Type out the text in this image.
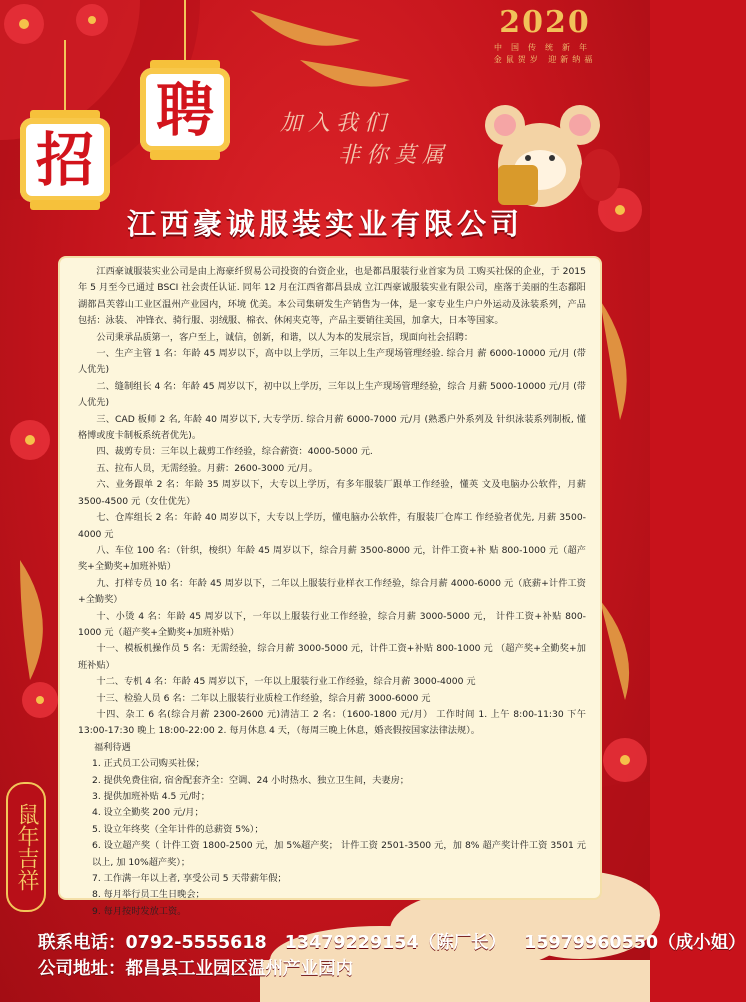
2020
中国传统新年
金鼠贺岁 迎新纳福
聘
招
加入我们
非你莫属
江西豪诚服装实业有限公司

江西豪诚服装实业公司是由上海豪纤贸易公司投资的台资企业，也是都昌服装行业首家为员 工购买社保的企业，于 2015 年 5 月至今已通过 BSCI 社会责任认证. 同年 12 月在江西省都昌县成 立江西豪诚服装实业有限公司，座落于美丽的生态鄱阳湖都昌芙蓉山工业区温州产业园内，环境 优美。本公司集研发生产销售为一体，是一家专业生户户外运动及泳装系列，产品包括：泳装、 冲锋衣、骑行服、羽绒服、棉衣、休闲夹克等，产品主要销往美国，加拿大，日本等国家。

公司秉承品质第一，客户至上，诚信，创新，和谐，以人为本的发展宗旨，现面向社会招聘：

一、生产主管 1 名：年龄 45 周岁以下，高中以上学历，三年以上生产现场管理经验. 综合月 薪 6000-10000 元/月 (带人优先)

二、缝制组长 4 名：年龄 45 周岁以下，初中以上学历，三年以上生产现场管理经验，综合 月薪 5000-10000 元/月 (带人优先)

三、CAD 板师 2 名, 年龄 40 周岁以下, 大专学历. 综合月薪 6000-7000 元/月 (熟悉户外系列及 针织泳装系列制板, 懂格博或度卡制板系统者优先)。

四、裁剪专员：三年以上裁剪工作经验，综合薪资：4000-5000 元.

五、拉布人员，无需经验。月薪：2600-3000 元/月。

六、业务跟单 2 名：年龄 35 周岁以下，大专以上学历，有多年服装厂跟单工作经验，懂英 文及电脑办公软件，月薪 3500-4500 元（女仕优先）

七、仓库组长 2 名：年龄 40 周岁以下，大专以上学历，懂电脑办公软件，有服装厂仓库工 作经验者优先, 月薪 3500-4000 元

八、车位 100 名：（针织，梭织）年龄 45 周岁以下，综合月薪 3500-8000 元，计件工资+补 贴 800-1000 元（超产奖+全勤奖+加班补贴）

九、打样专员 10 名：年龄 45 周岁以下，二年以上服装行业样衣工作经验，综合月薪 4000-6000 元（底薪+计件工资+全勤奖）

十、小烫 4 名：年龄 45 周岁以下，一年以上服装行业工作经验，综合月薪 3000-5000 元， 计件工资+补贴 800-1000 元（超产奖+全勤奖+加班补贴）

十一、模板机操作员 5 名：无需经验，综合月薪 3000-5000 元，计件工资+补贴 800-1000 元 （超产奖+全勤奖+加班补贴）

十二、专机 4 名：年龄 45 周岁以下，一年以上服装行业工作经验，综合月薪 3000-4000 元

十三、检验人员 6 名：二年以上服装行业质检工作经验，综合月薪 3000-6000 元

十四、杂工 6 名(综合月薪 2300-2600 元)清洁工 2 名：（1600-1800 元/月） 工作时间 1. 上午 8:00-11:30 下午 13:00-17:30 晚上 18:00-22:00 2. 每月休息 4 天，（每周三晚上休息，婚丧假按国家法律法规）。

福利待遇

1. 正式员工公司购买社保；

2. 提供免费住宿, 宿舍配套齐全：空调、24 小时热水、独立卫生间，夫妻房；

3. 提供加班补贴 4.5 元/时；

4. 设立全勤奖 200 元/月；

5. 设立年终奖（全年计件的总薪资 5%）；

6. 设立超产奖（ 计件工资 1800-2500 元，加 5%超产奖； 计件工资 2501-3500 元，加 8% 超产奖计件工资 3501 元以上, 加 10%超产奖）；

7. 工作满一年以上者, 享受公司 5 天带薪年假；

8. 每月举行员工生日晚会；

9. 每月按时发放工资。

鼠年吉祥
联系电话：0792-5555618 13479229154（陈厂长） 15979960550（成小姐）
公司地址：都昌县工业园区温州产业园内
